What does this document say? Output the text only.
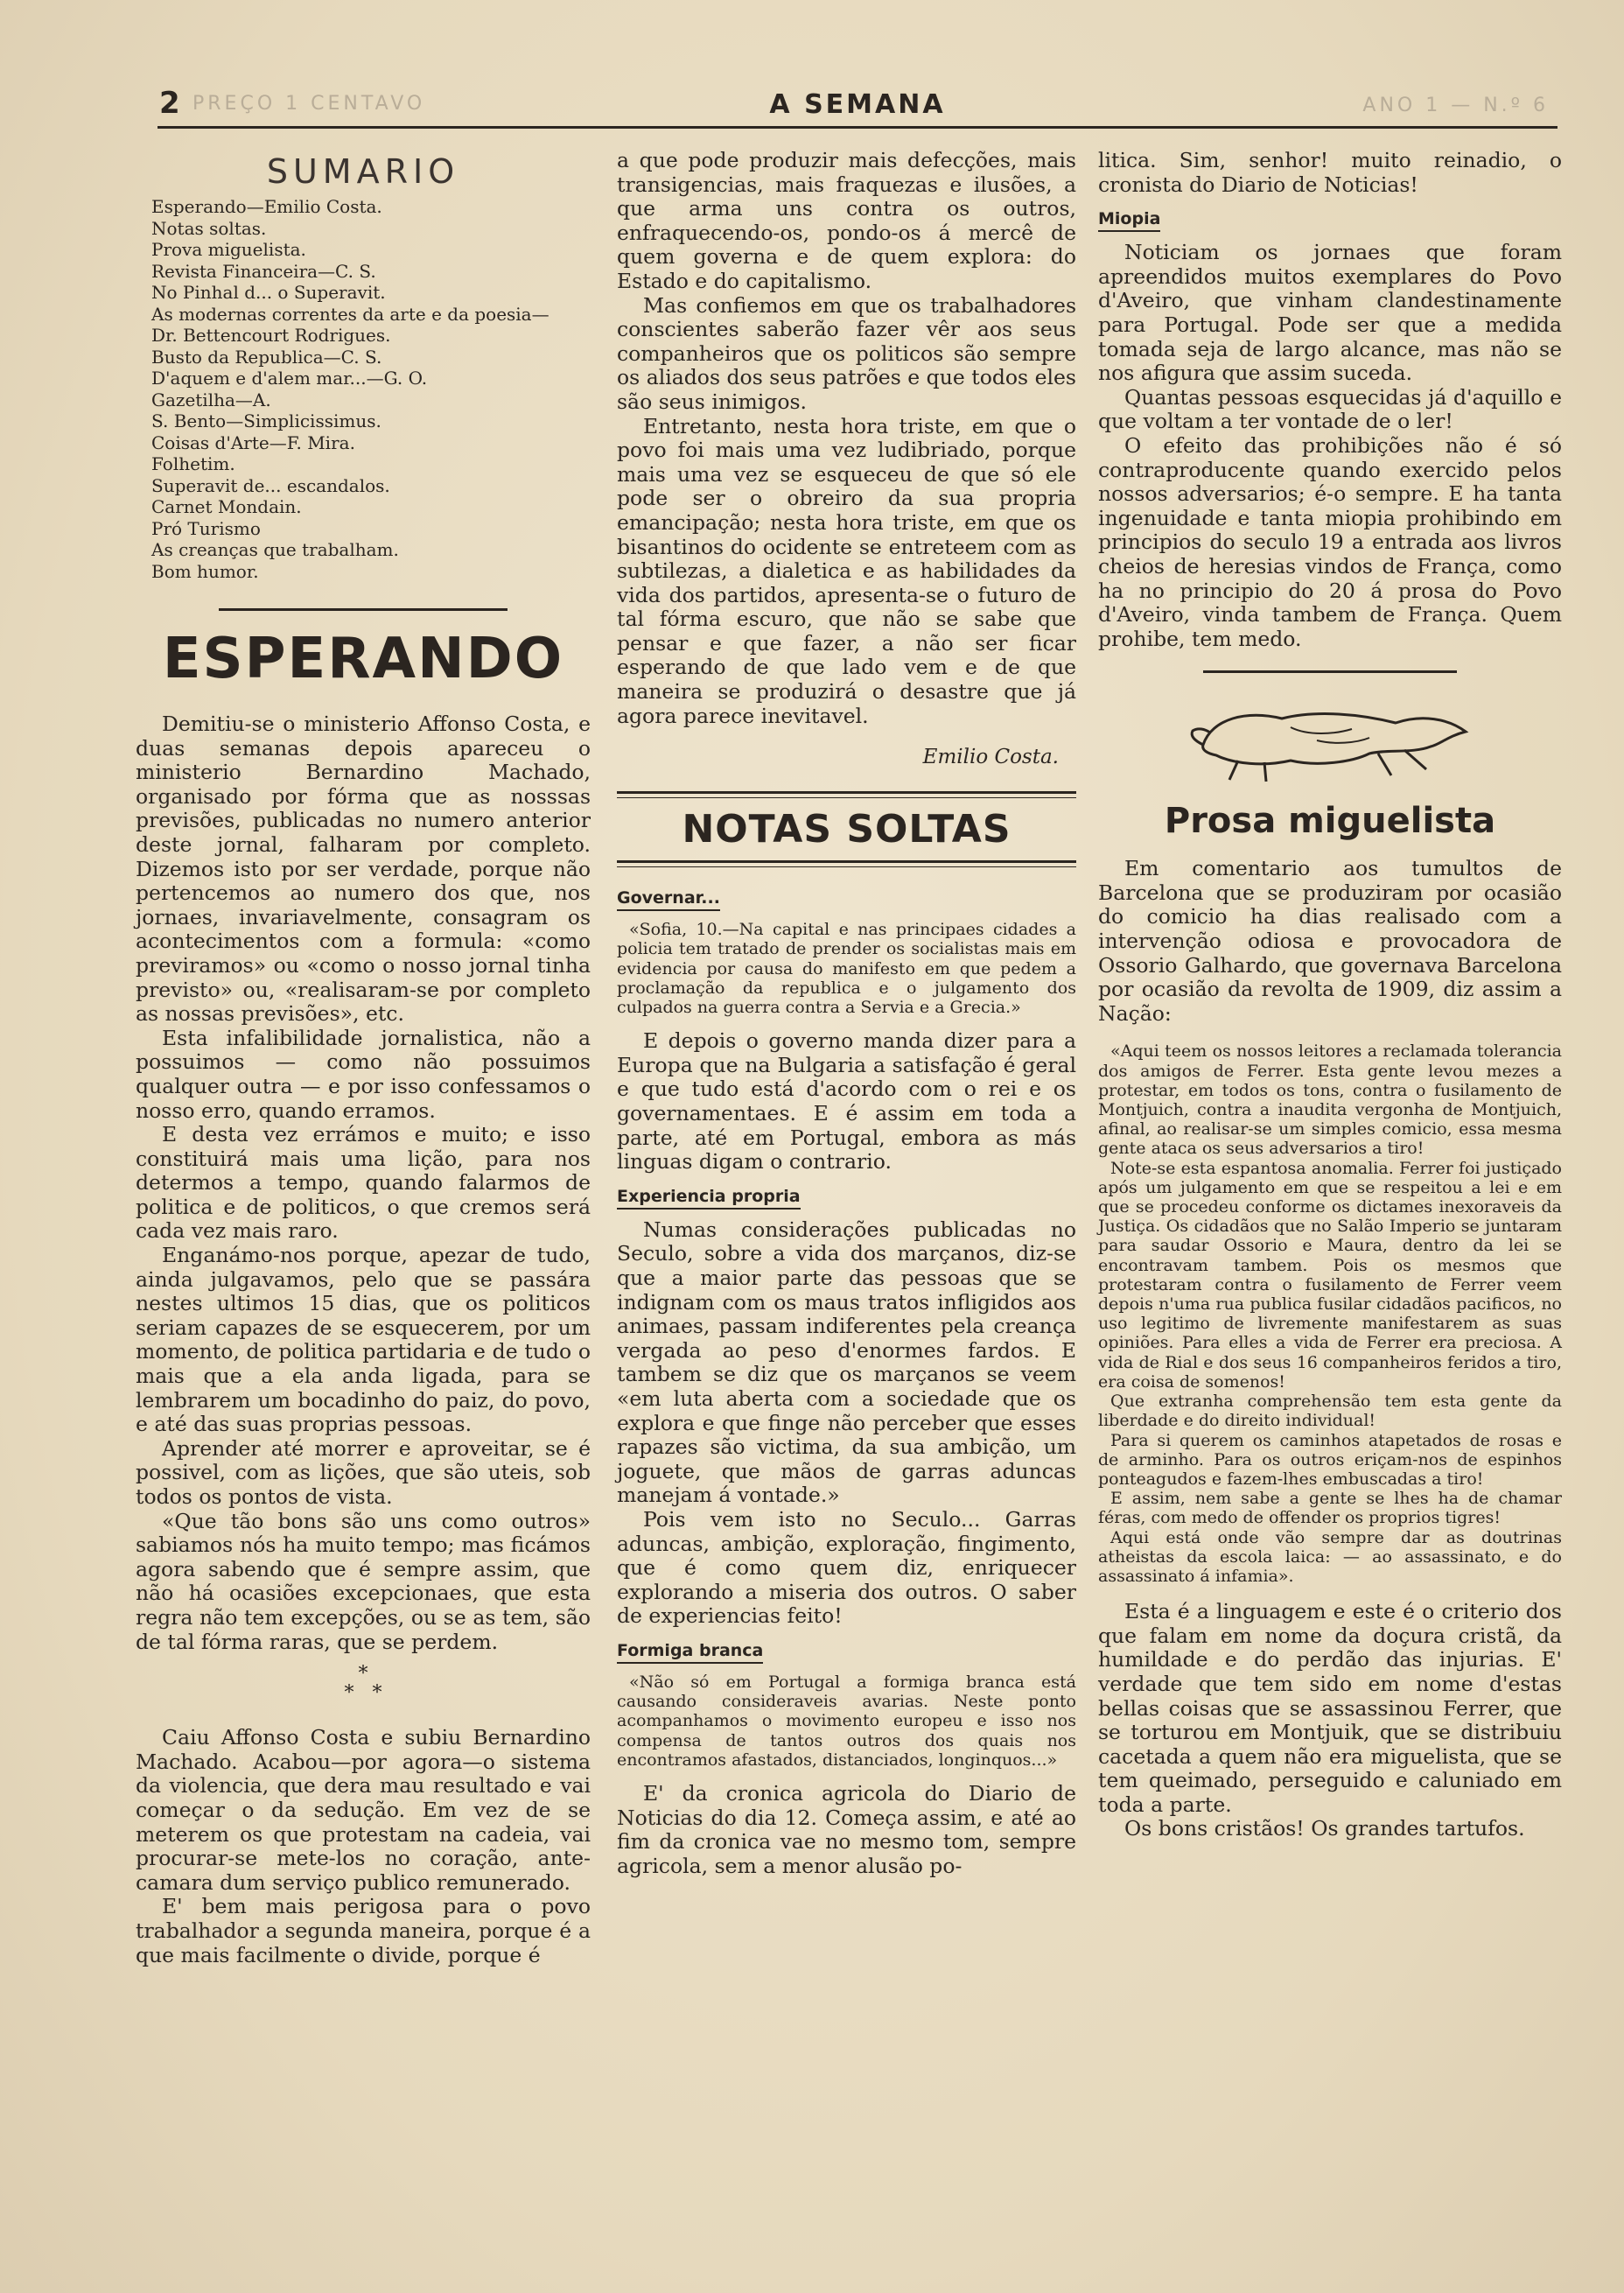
PREÇO 1 CENTAVO
2	A SEMANA	ANO 1 — N.º 6
SUMARIO
Esperando—Emilio Costa.
Notas soltas.
Prova miguelista.
Revista Financeira—C. S.
No Pinhal d... o Superavit.
As modernas correntes da arte e da poesia—
Dr. Bettencourt Rodrigues.
Busto da Republica—C. S.
D'aquem e d'alem mar...—G. O.
Gazetilha—A.
S. Bento—Simplicissimus.
Coisas d'Arte—F. Mira.
Folhetim.
Superavit de... escandalos.
Carnet Mondain.
Pró Turismo
As creanças que trabalham.
Bom humor.
ESPERANDO

Demitiu-se o ministerio Affonso Costa, e duas semanas depois apareceu o ministerio Bernardino Machado, organisado por fórma que as nosssas previsões, publicadas no numero anterior deste jornal, falharam por completo. Dizemos isto por ser verdade, porque não pertencemos ao numero dos que, nos jornaes, invariavelmente, consagram os acontecimentos com a formula: «como previramos» ou «como o nosso jornal tinha previsto» ou, «realisaram-se por completo as nossas previsões», etc.

Esta infalibilidade jornalistica, não a possuimos — como não possuimos qualquer outra — e por isso confessamos o nosso erro, quando erramos.

E desta vez errámos e muito; e isso constituirá mais uma lição, para nos determos a tempo, quando falarmos de politica e de politicos, o que cremos será cada vez mais raro.

Enganámo-nos porque, apezar de tudo, ainda julgavamos, pelo que se passára nestes ultimos 15 dias, que os politicos seriam capazes de se esquecerem, por um momento, de politica partidaria e de tudo o mais que a ela anda ligada, para se lembrarem um bocadinho do paiz, do povo, e até das suas proprias pessoas.

Aprender até morrer e aproveitar, se é possivel, com as lições, que são uteis, sob todos os pontos de vista.

«Que tão bons são uns como outros» sabiamos nós ha muito tempo; mas ficámos agora sabendo que é sempre assim, que não há ocasiões excepcionaes, que esta regra não tem excepções, ou se as tem, são de tal fórma raras, que se perdem.

*
* *

Caiu Affonso Costa e subiu Bernardino Machado. Acabou—por agora—o sistema da violencia, que dera mau resultado e vai começar o da sedução. Em vez de se meterem os que protestam na cadeia, vai procurar-se mete-los no coração, ante-camara dum serviço publico remunerado.

E' bem mais perigosa para o povo trabalhador a segunda maneira, porque é a que mais facilmente o divide, porque é

a que pode produzir mais defecções, mais transigencias, mais fraquezas e ilusões, a que arma uns contra os outros, enfraquecendo-os, pondo-os á mercê de quem governa e de quem explora: do Estado e do capitalismo.

Mas confiemos em que os trabalhadores conscientes saberão fazer vêr aos seus companheiros que os politicos são sempre os aliados dos seus patrões e que todos eles são seus inimigos.

Entretanto, nesta hora triste, em que o povo foi mais uma vez ludibriado, porque mais uma vez se esqueceu de que só ele pode ser o obreiro da sua propria emancipação; nesta hora triste, em que os bisantinos do ocidente se entreteem com as subtilezas, a dialetica e as habilidades da vida dos partidos, apresenta-se o futuro de tal fórma escuro, que não se sabe que pensar e que fazer, a não ser ficar esperando de que lado vem e de que maneira se produzirá o desastre que já agora parece inevitavel.

Emilio Costa.
NOTAS SOLTAS
Governar...

«Sofia, 10.—Na capital e nas principaes cidades a policia tem tratado de prender os socialistas mais em evidencia por causa do manifesto em que pedem a proclamação da republica e o julgamento dos culpados na guerra contra a Servia e a Grecia.»

E depois o governo manda dizer para a Europa que na Bulgaria a satisfação é geral e que tudo está d'acordo com o rei e os governamentaes. E é assim em toda a parte, até em Portugal, embora as más linguas digam o contrario.

Experiencia propria

Numas considerações publicadas no Seculo, sobre a vida dos marçanos, diz-se que a maior parte das pessoas que se indignam com os maus tratos infligidos aos animaes, passam indiferentes pela creança vergada ao peso d'enormes fardos. E tambem se diz que os marçanos se veem «em luta aberta com a sociedade que os explora e que finge não perceber que esses rapazes são victima, da sua ambição, um joguete, que mãos de garras aduncas manejam á vontade.»

Pois vem isto no Seculo... Garras aduncas, ambição, exploração, fingimento, que é como quem diz, enriquecer explorando a miseria dos outros. O saber de experiencias feito!

Formiga branca

«Não só em Portugal a formiga branca está causando consideraveis avarias. Neste ponto acompanhamos o movimento europeu e isso nos compensa de tantos outros dos quais nos encontramos afastados, distanciados, longinquos...»

E' da cronica agricola do Diario de Noticias do dia 12. Começa assim, e até ao fim da cronica vae no mesmo tom, sempre agricola, sem a menor alusão po-

litica. Sim, senhor! muito reinadio, o cronista do Diario de Noticias!

Miopia

Noticiam os jornaes que foram apreendidos muitos exemplares do Povo d'Aveiro, que vinham clandestinamente para Portugal. Pode ser que a medida tomada seja de largo alcance, mas não se nos afigura que assim suceda.

Quantas pessoas esquecidas já d'aquillo e que voltam a ter vontade de o ler!

O efeito das prohibições não é só contraproducente quando exercido pelos nossos adversarios; é-o sempre. E ha tanta ingenuidade e tanta miopia prohibindo em principios do seculo 19 a entrada aos livros cheios de heresias vindos de França, como ha no principio do 20 á prosa do Povo d'Aveiro, vinda tambem de França. Quem prohibe, tem medo.

Prosa miguelista

Em comentario aos tumultos de Barcelona que se produziram por ocasião do comicio ha dias realisado com a intervenção odiosa e provocadora de Ossorio Galhardo, que governava Barcelona por ocasião da revolta de 1909, diz assim a Nação:

«Aqui teem os nossos leitores a reclamada tolerancia dos amigos de Ferrer. Esta gente levou mezes a protestar, em todos os tons, contra o fusilamento de Montjuich, contra a inaudita vergonha de Montjuich, afinal, ao realisar-se um simples comicio, essa mesma gente ataca os seus adversarios a tiro!

Note-se esta espantosa anomalia. Ferrer foi justiçado após um julgamento em que se respeitou a lei e em que se procedeu conforme os dictames inexoraveis da Justiça. Os cidadãos que no Salão Imperio se juntaram para saudar Ossorio e Maura, dentro da lei se encontravam tambem. Pois os mesmos que protestaram contra o fusilamento de Ferrer veem depois n'uma rua publica fusilar cidadãos pacificos, no uso legitimo de livremente manifestarem as suas opiniões. Para elles a vida de Ferrer era preciosa. A vida de Rial e dos seus 16 companheiros feridos a tiro, era coisa de somenos!

Que extranha comprehensão tem esta gente da liberdade e do direito individual!

Para si querem os caminhos atapetados de rosas e de arminho. Para os outros eriçam-nos de espinhos ponteagudos e fazem-lhes embuscadas a tiro!

E assim, nem sabe a gente se lhes ha de chamar féras, com medo de offender os proprios tigres!

Aqui está onde vão sempre dar as doutrinas atheistas da escola laica: — ao assassinato, e do assassinato á infamia».

Esta é a linguagem e este é o criterio dos que falam em nome da doçura cristã, da humildade e do perdão das injurias. E' verdade que tem sido em nome d'estas bellas coisas que se assassinou Ferrer, que se torturou em Montjuik, que se distribuiu cacetada a quem não era miguelista, que se tem queimado, perseguido e caluniado em toda a parte.

Os bons cristãos! Os grandes tartufos.
